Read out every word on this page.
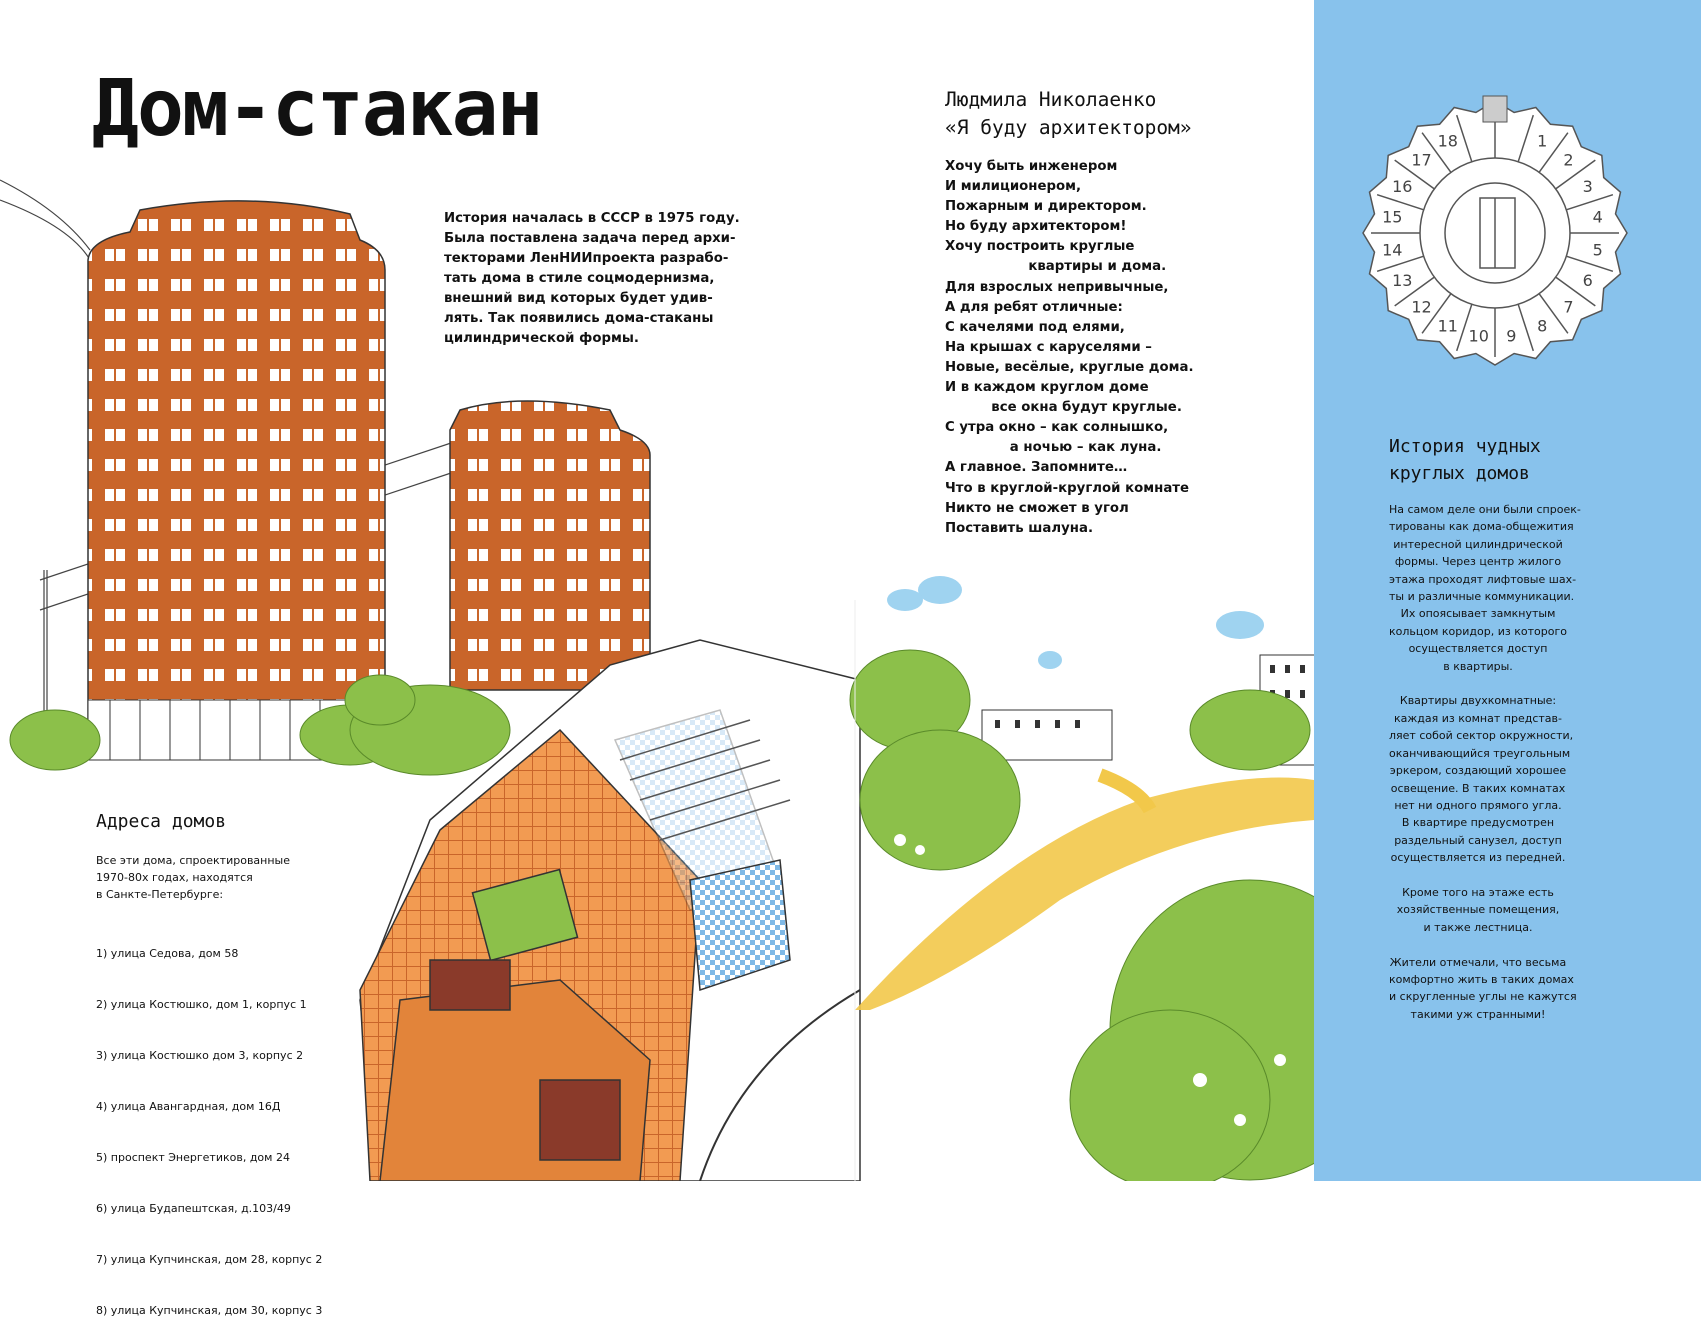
1
2
3
4
5
6
7
8
9
10
11
12
13
14
15
16
17
18
Дом-стакан
История началась в СССР в 1975 году.
Была поставлена задача перед архи-
текторами ЛенНИИпроекта разрабо-
тать дома в стиле соцмодернизма,
внешний вид которых будет удив-
лять. Так появились дома-стаканы
цилиндрической формы.
Адреса домов
Все эти дома, спроектированные
1970-80х годах, находятся
в Санкте-Петербурге:

1) улица Седова, дом 58

2) улица Костюшко, дом 1, корпус 1

3) улица Костюшко дом 3, корпус 2

4) улица Авангардная, дом 16Д

5) проспект Энергетиков, дом 24

6) улица Будапештская, д.103/49

7) улица Купчинская, дом 28, корпус 2

8) улица Купчинская, дом 30, корпус 3

Людмила Николаенко
«Я буду архитектором»
Хочу быть инженером
И милиционером,
Пожарным и директором.
Но буду архитектором!
Хочу построить круглые
квартиры и дома.
Для взрослых непривычные,
А для ребят отличные:
С качелями под елями,
На крышах с каруселями –
Новые, весёлые, круглые дома.
И в каждом круглом доме
все окна будут круглые.
С утра окно – как солнышко,
а ночью – как луна.
А главное. Запомните…
Что в круглой-круглой комнате
Никто не сможет в угол
Поставить шалуна.
История чудных
круглых домов
На самом деле они были спроек-
тированы как дома-общежития
интересной цилиндрической
формы. Через центр жилого
этажа проходят лифтовые шах-
ты и различные коммуникации.
Их опоясывает замкнутым
кольцом коридор, из которого
осуществляется доступ
в квартиры.

Квартиры двухкомнатные:
каждая из комнат представ-
ляет собой сектор окружности,
оканчивающийся треугольным
эркером, создающий хорошее
освещение. В таких комнатах
нет ни одного прямого угла.
В квартире предусмотрен
раздельный санузел, доступ
осуществляется из передней.

Кроме того на этаже есть
хозяйственные помещения,
и также лестница.

Жители отмечали, что весьма
комфортно жить в таких домах
и скругленные углы не кажутся
такими уж странными!
